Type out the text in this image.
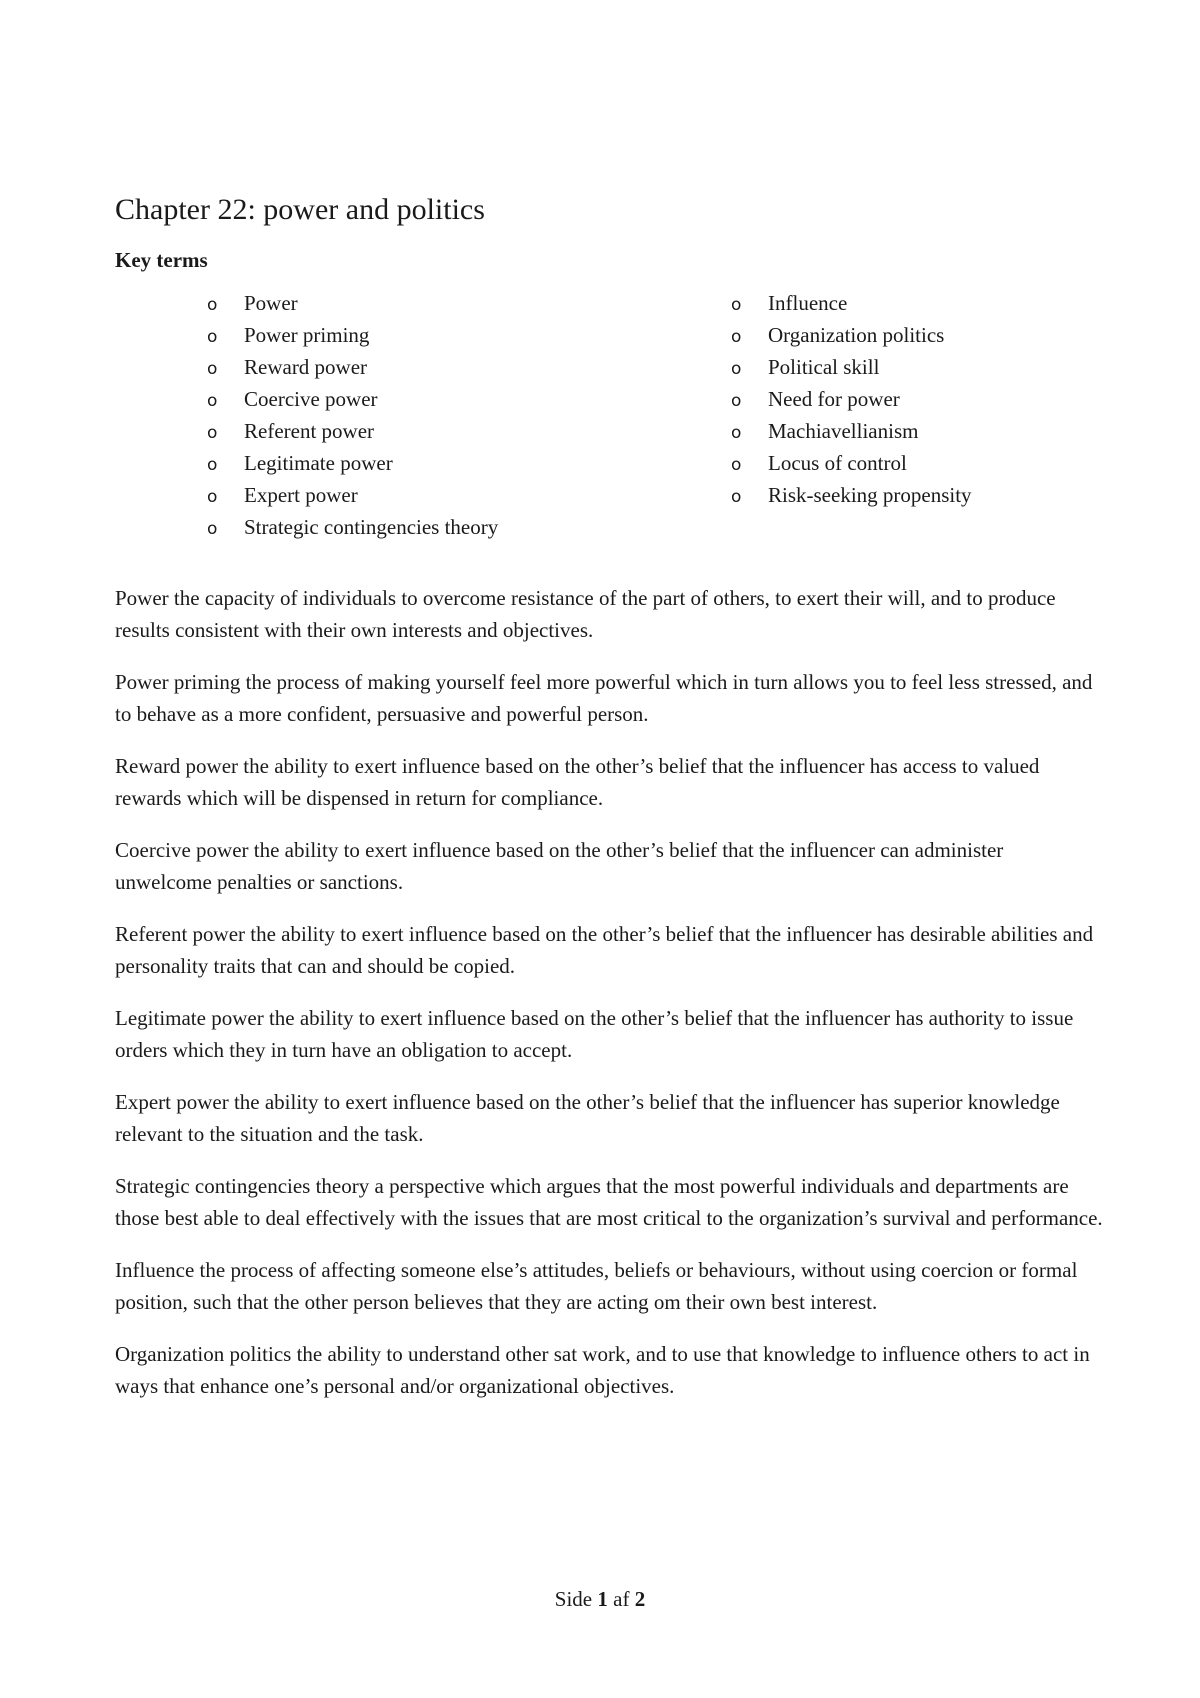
Chapter 22: power and politics
Key terms
o	Power
o	Power priming
o	Reward power
o	Coercive power
o	Referent power
o	Legitimate power
o	Expert power
o	Strategic contingencies theory
o	Influence
o	Organization politics
o	Political skill
o	Need for power
o	Machiavellianism
o	Locus of control
o	Risk-seeking propensity

Power the capacity of individuals to overcome resistance of the part of others, to exert their will, and to produce results consistent with their own interests and objectives.

Power priming the process of making yourself feel more powerful which in turn allows you to feel less stressed, and to behave as a more confident, persuasive and powerful person.

Reward power the ability to exert influence based on the other’s belief that the influencer has access to valued rewards which will be dispensed in return for compliance.

Coercive power the ability to exert influence based on the other’s belief that the influencer can administer unwelcome penalties or sanctions.

Referent power the ability to exert influence based on the other’s belief that the influencer has desirable abilities and personality traits that can and should be copied.

Legitimate power the ability to exert influence based on the other’s belief that the influencer has authority to issue orders which they in turn have an obligation to accept.

Expert power the ability to exert influence based on the other’s belief that the influencer has superior knowledge relevant to the situation and the task.

Strategic contingencies theory a perspective which argues that the most powerful individuals and departments are those best able to deal effectively with the issues that are most critical to the organization’s survival and performance.

Influence the process of affecting someone else’s attitudes, beliefs or behaviours, without using coercion or formal position, such that the other person believes that they are acting om their own best interest.

Organization politics the ability to understand other sat work, and to use that knowledge to influence others to act in ways that enhance one’s personal and/or organizational objectives.

Side 1 af 2
